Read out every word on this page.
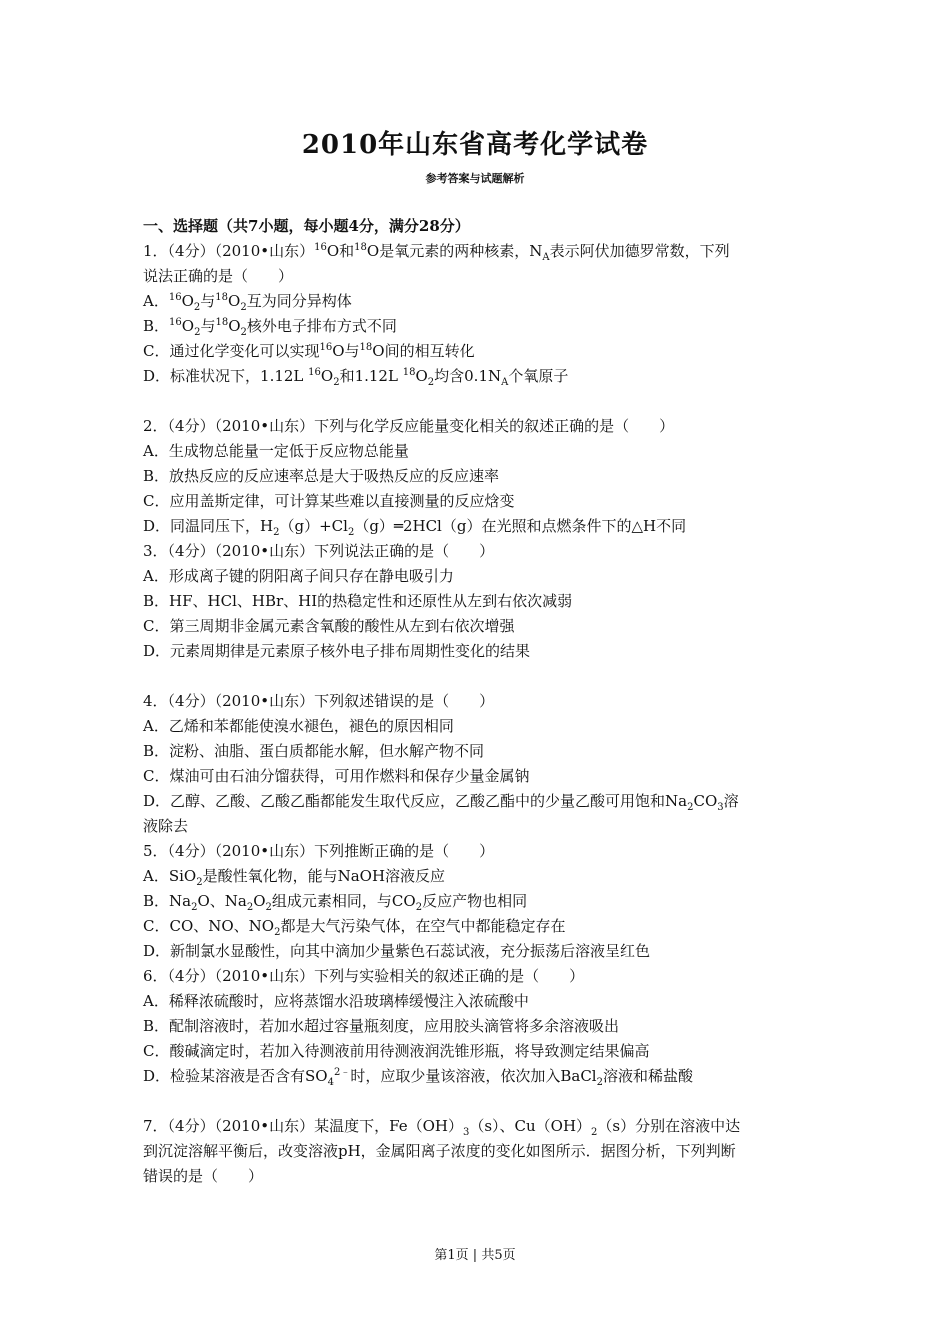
2010年山东省高考化学试卷
参考答案与试题解析

一、选择题（共7小题，每小题4分，满分28分）

1．（4分）（2010•山东）$^{16}$O和$^{18}$O是氧元素的两种核素，$N_A$表示阿伏加德罗常数，下列

说法正确的是（　　）

A．$^{16}O_2$与$^{18}O_2$互为同分异构体

B．$^{16}O_2$与$^{18}O_2$核外电子排布方式不同

C．通过化学变化可以实现$^{16}$O与$^{18}$O间的相互转化

D．标准状况下，1.12L $^{16}O_2$和1.12L $^{18}O_2$均含$0.1N_A$个氧原子

2．（4分）（2010•山东）下列与化学反应能量变化相关的叙述正确的是（　　）

A．生成物总能量一定低于反应物总能量

B．放热反应的反应速率总是大于吸热反应的反应速率

C．应用盖斯定律，可计算某些难以直接测量的反应焓变

D．同温同压下，$H_2(g)+Cl_2(g)═2HCl(g)$在光照和点燃条件下的△H不同

3．（4分）（2010•山东）下列说法正确的是（　　）

A．形成离子键的阴阳离子间只存在静电吸引力

B．HF、HCl、HBr、HI的热稳定性和还原性从左到右依次减弱

C．第三周期非金属元素含氧酸的酸性从左到右依次增强

D．元素周期律是元素原子核外电子排布周期性变化的结果

4．（4分）（2010•山东）下列叙述错误的是（　　）

A．乙烯和苯都能使溴水褪色，褪色的原因相同

B．淀粉、油脂、蛋白质都能水解，但水解产物不同

C．煤油可由石油分馏获得，可用作燃料和保存少量金属钠

D．乙醇、乙酸、乙酸乙酯都能发生取代反应，乙酸乙酯中的少量乙酸可用饱和$Na_2CO_3$溶

液除去

5．（4分）（2010•山东）下列推断正确的是（　　）

A．SiO$_2$是酸性氧化物，能与NaOH溶液反应

B．$Na_2O$、$Na_2O_2$组成元素相同，与$CO_2$反应产物也相同

C．CO、NO、$NO_2$都是大气污染气体，在空气中都能稳定存在

D．新制氯水显酸性，向其中滴加少量紫色石蕊试液，充分振荡后溶液呈红色

6．（4分）（2010•山东）下列与实验相关的叙述正确的是（　　）

A．稀释浓硫酸时，应将蒸馏水沿玻璃棒缓慢注入浓硫酸中

B．配制溶液时，若加水超过容量瓶刻度，应用胶头滴管将多余溶液吸出

C．酸碱滴定时，若加入待测液前用待测液润洗锥形瓶，将导致测定结果偏高

D．检验某溶液是否含有$SO_4^{2﹣}$时，应取少量该溶液，依次加入BaCl$_2$溶液和稀盐酸

7．（4分）（2010•山东）某温度下，$Fe(OH)_3(s)$、$Cu(OH)_2(s)$分别在溶液中达

到沉淀溶解平衡后，改变溶液pH，金属阳离子浓度的变化如图所示．据图分析，下列判断

错误的是（　　）

第1页 | 共5页
